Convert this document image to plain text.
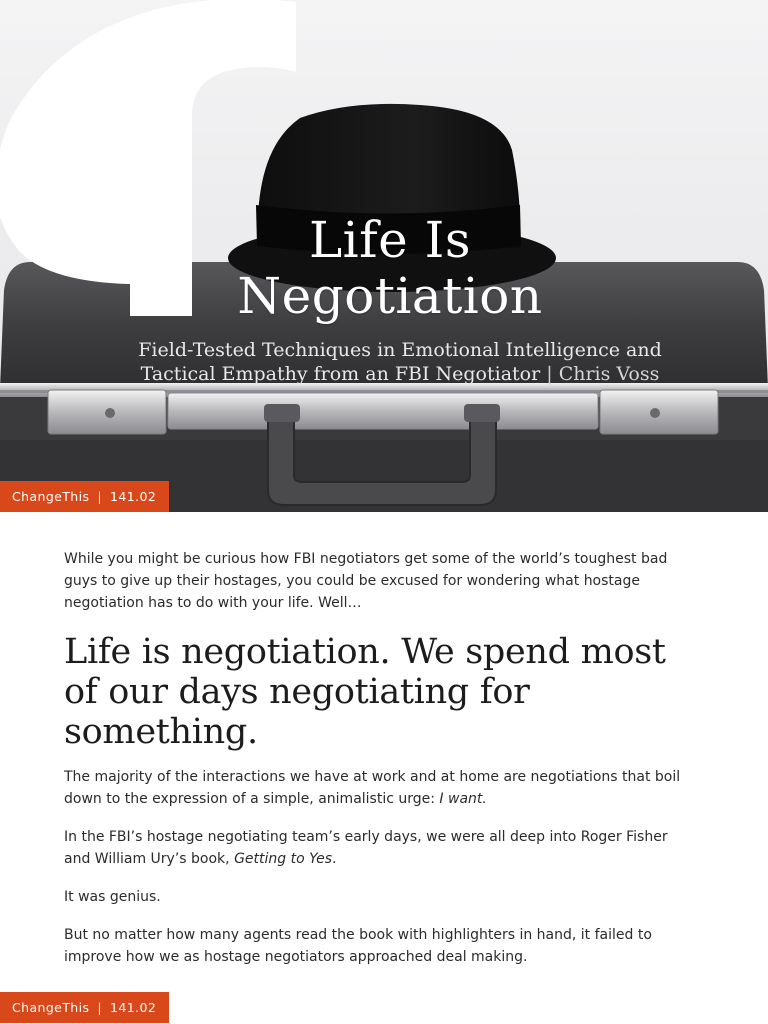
Life Is
Negotiation
Field-Tested Techniques in Emotional Intelligence and
Tactical Empathy from an FBI Negotiator | Chris Voss
ChangeThis | 141.02

While you might be curious how FBI negotiators get some of the world’s toughest bad guys to give up their hostages, you could be excused for wondering what hostage negotiation has to do with your life. Well…

Life is negotiation. We spend most of our days negotiating for something.

The majority of the interactions we have at work and at home are negotiations that boil down to the expression of a simple, animalistic urge: I want.

In the FBI’s hostage negotiating team’s early days, we were all deep into Roger Fisher and William Ury’s book, Getting to Yes.

It was genius.

But no matter how many agents read the book with highlighters in hand, it failed to improve how we as hostage negotiators approached deal making.

ChangeThis | 141.02
